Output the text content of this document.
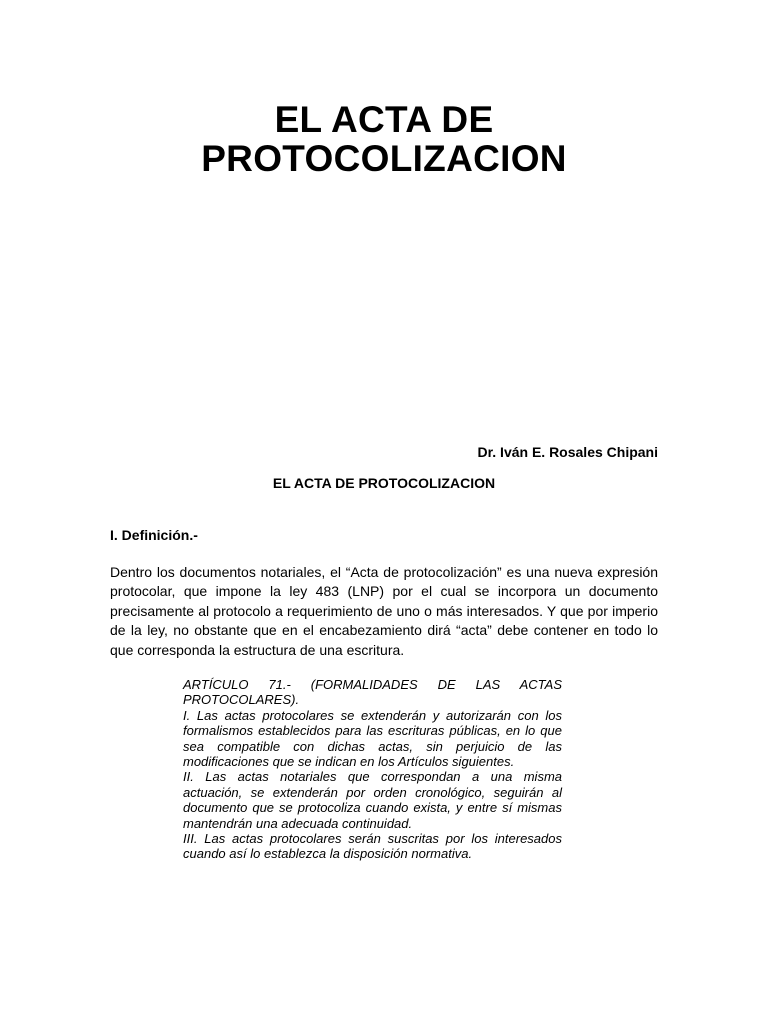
EL ACTA DE
PROTOCOLIZACION
Dr. Iván E. Rosales Chipani
EL ACTA DE PROTOCOLIZACION
I. Definición.-

Dentro los documentos notariales, el “Acta de protocolización” es una nueva expresión protocolar, que impone la ley 483 (LNP) por el cual se incorpora un documento precisamente al protocolo a requerimiento de uno o más interesados. Y que por imperio de la ley, no obstante que en el encabezamiento dirá “acta” debe contener en todo lo que corresponda la estructura de una escritura.

ARTÍCULO 71.- (FORMALIDADES DE LAS ACTAS PROTOCOLARES).

I. Las actas protocolares se extenderán y autorizarán con los formalismos establecidos para las escrituras públicas, en lo que sea compatible con dichas actas, sin perjuicio de las modificaciones que se indican en los Artículos siguientes.

II. Las actas notariales que correspondan a una misma actuación, se extenderán por orden cronológico, seguirán al documento que se protocoliza cuando exista, y entre sí mismas mantendrán una adecuada continuidad.

III. Las actas protocolares serán suscritas por los interesados cuando así lo establezca la disposición normativa.
